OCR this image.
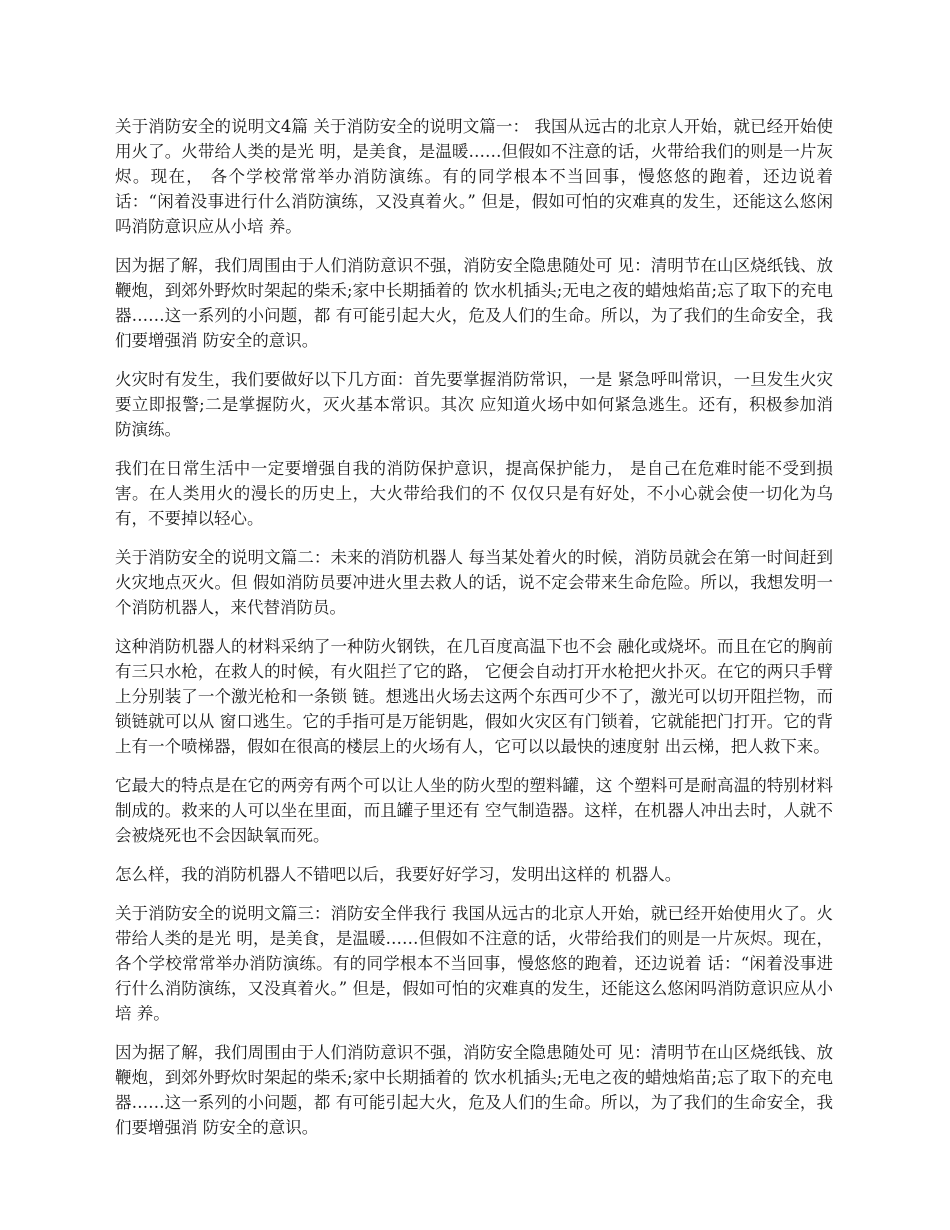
关于消防安全的说明文4篇 关于消防安全的说明文篇一： 我国从远古的北京人开始，就已经开始使用火了。火带给人类的是光 明，是美食，是温暖……但假如不注意的话，火带给我们的则是一片灰烬。现在， 各个学校常常举办消防演练。有的同学根本不当回事，慢悠悠的跑着，还边说着 话：“闲着没事进行什么消防演练，又没真着火。” 但是，假如可怕的灾难真的发生，还能这么悠闲吗消防意识应从小培 养。

因为据了解，我们周围由于人们消防意识不强，消防安全隐患随处可 见：清明节在山区烧纸钱、放鞭炮，到郊外野炊时架起的柴禾;家中长期插着的 饮水机插头;无电之夜的蜡烛焰苗;忘了取下的充电器……这一系列的小问题，都 有可能引起大火，危及人们的生命。所以，为了我们的生命安全，我们要增强消 防安全的意识。

火灾时有发生，我们要做好以下几方面：首先要掌握消防常识，一是 紧急呼叫常识，一旦发生火灾要立即报警;二是掌握防火，灭火基本常识。其次 应知道火场中如何紧急逃生。还有，积极参加消防演练。

我们在日常生活中一定要增强自我的消防保护意识，提高保护能力， 是自己在危难时能不受到损害。在人类用火的漫长的历史上，大火带给我们的不 仅仅只是有好处，不小心就会使一切化为乌有，不要掉以轻心。

关于消防安全的说明文篇二：未来的消防机器人 每当某处着火的时候，消防员就会在第一时间赶到火灾地点灭火。但 假如消防员要冲进火里去救人的话，说不定会带来生命危险。所以，我想发明一 个消防机器人，来代替消防员。

这种消防机器人的材料采纳了一种防火钢铁，在几百度高温下也不会 融化或烧坏。而且在它的胸前有三只水枪，在救人的时候，有火阻拦了它的路， 它便会自动打开水枪把火扑灭。在它的两只手臂上分别装了一个激光枪和一条锁 链。想逃出火场去这两个东西可少不了，激光可以切开阻拦物，而锁链就可以从 窗口逃生。它的手指可是万能钥匙，假如火灾区有门锁着，它就能把门打开。它的背上有一个喷梯器，假如在很高的楼层上的火场有人，它可以以最快的速度射 出云梯，把人救下来。

它最大的特点是在它的两旁有两个可以让人坐的防火型的塑料罐，这 个塑料可是耐高温的特别材料制成的。救来的人可以坐在里面，而且罐子里还有 空气制造器。这样，在机器人冲出去时，人就不会被烧死也不会因缺氧而死。

怎么样，我的消防机器人不错吧以后，我要好好学习，发明出这样的 机器人。

关于消防安全的说明文篇三：消防安全伴我行 我国从远古的北京人开始，就已经开始使用火了。火带给人类的是光 明，是美食，是温暖……但假如不注意的话，火带给我们的则是一片灰烬。现在， 各个学校常常举办消防演练。有的同学根本不当回事，慢悠悠的跑着，还边说着 话：“闲着没事进行什么消防演练，又没真着火。” 但是，假如可怕的灾难真的发生，还能这么悠闲吗消防意识应从小培 养。

因为据了解，我们周围由于人们消防意识不强，消防安全隐患随处可 见：清明节在山区烧纸钱、放鞭炮，到郊外野炊时架起的柴禾;家中长期插着的 饮水机插头;无电之夜的蜡烛焰苗;忘了取下的充电器……这一系列的小问题，都 有可能引起大火，危及人们的生命。所以，为了我们的生命安全，我们要增强消 防安全的意识。
